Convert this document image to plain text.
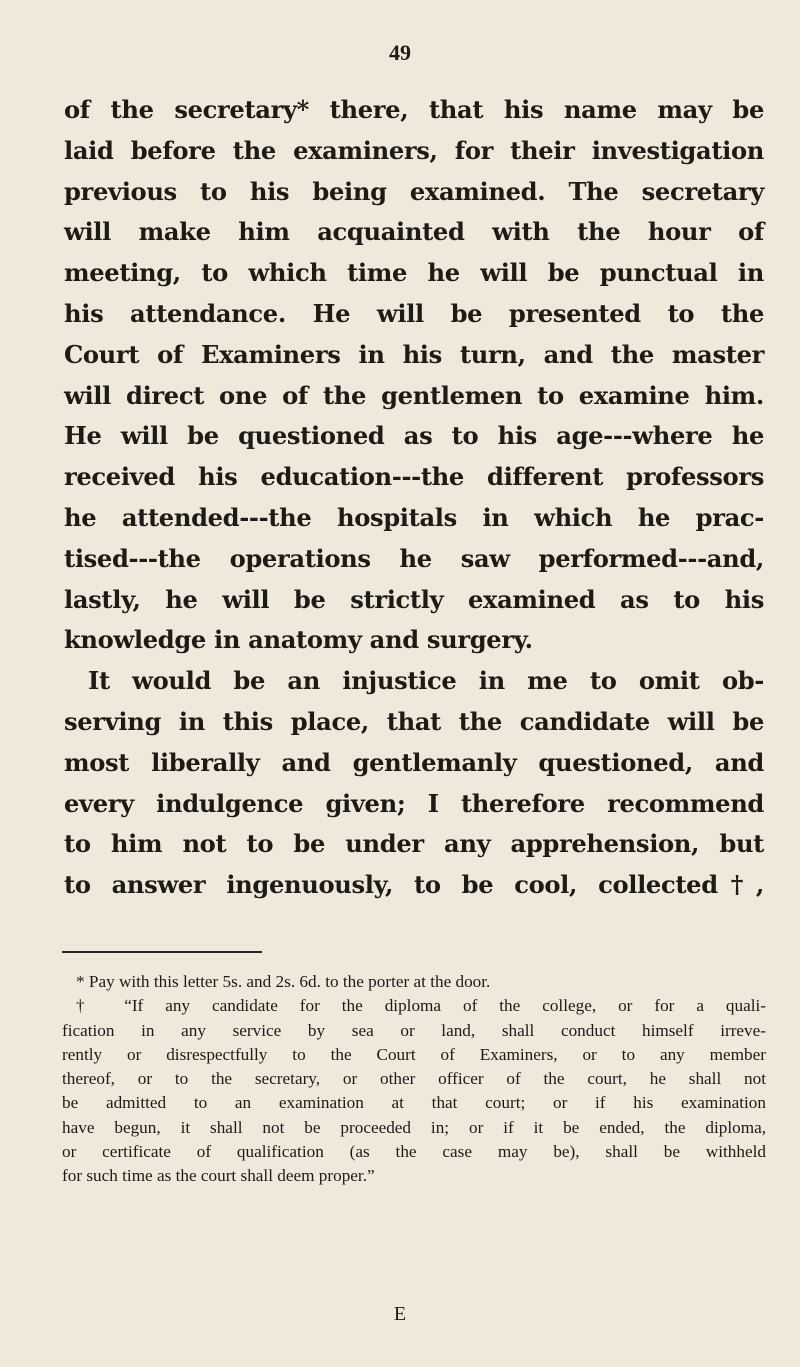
49
of the secretary* there, that his name may be
laid before the examiners, for their investigation
previous to his being examined. The secretary
will make him acquainted with the hour of
meeting, to which time he will be punctual in
his attendance. He will be presented to the
Court of Examiners in his turn, and the master
will direct one of the gentlemen to examine him.
He will be questioned as to his age---where he
received his education---the different professors
he attended---the hospitals in which he prac-
tised---the operations he saw performed---and,
lastly, he will be strictly examined as to his
knowledge in anatomy and surgery.
It would be an injustice in me to omit ob-
serving in this place, that the candidate will be
most liberally and gentlemanly questioned, and
every indulgence given; I therefore recommend
to him not to be under any apprehension, but
to answer ingenuously, to be cool, collected†,
* Pay with this letter 5s. and 2s. 6d. to the porter at the door.
† “If any candidate for the diploma of the college, or for a quali-
fication in any service by sea or land, shall conduct himself irreve-
rently or disrespectfully to the Court of Examiners, or to any member
thereof, or to the secretary, or other officer of the court, he shall not
be admitted to an examination at that court; or if his examination
have begun, it shall not be proceeded in; or if it be ended, the diploma,
or certificate of qualification (as the case may be), shall be withheld
for such time as the court shall deem proper.”
E
